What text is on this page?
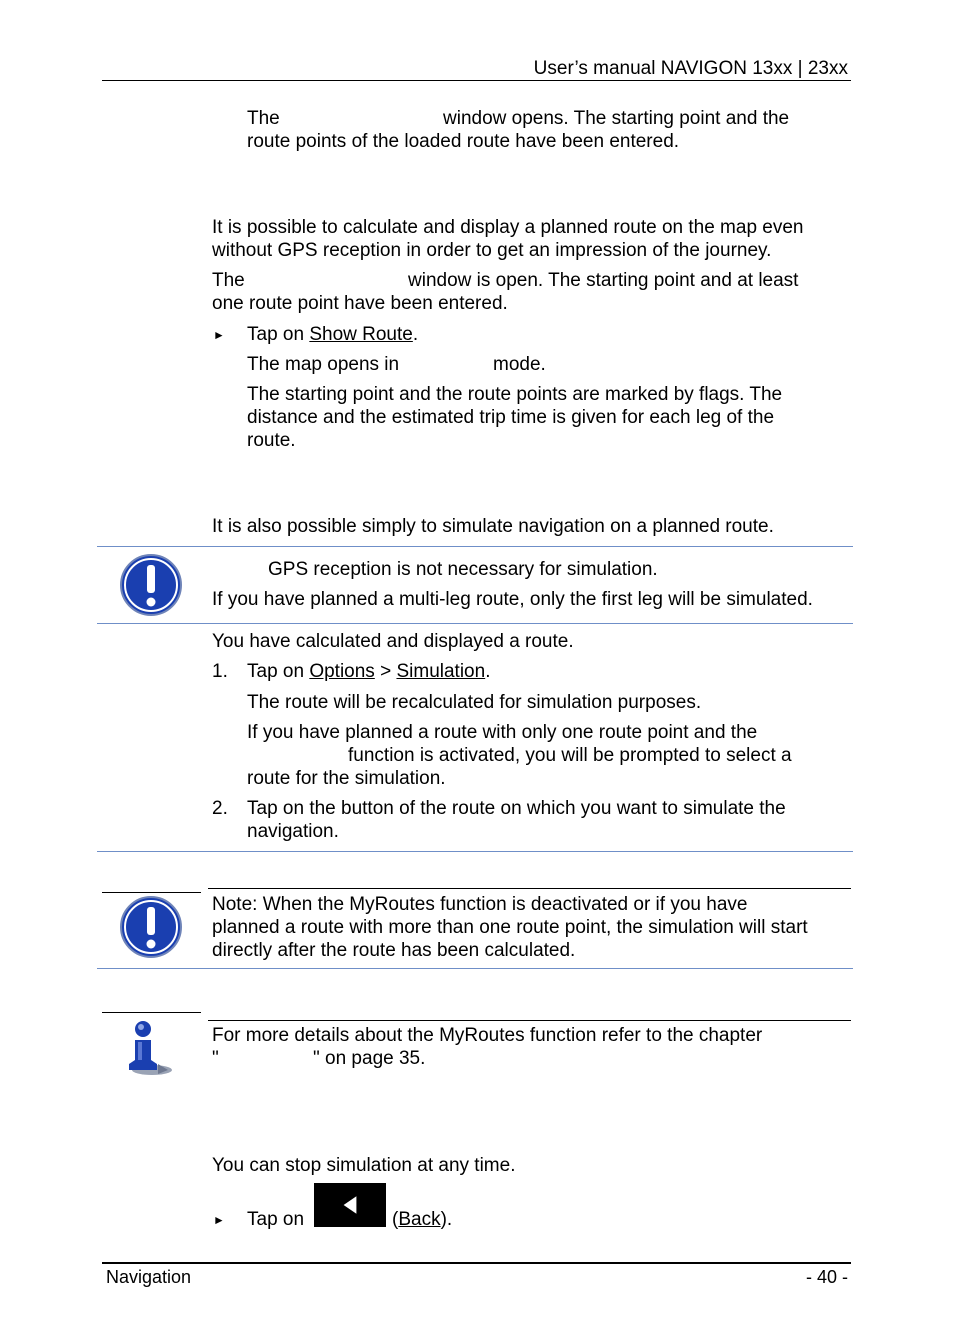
User’s manual NAVIGON 13xx | 23xx
The	window opens. The starting point and the
route points of the loaded route have been entered.
It is possible to calculate and display a planned route on the map even
without GPS reception in order to get an impression of the journey.
The	window is open. The starting point and at least
one route point have been entered.
► Tap on Show Route.
The map opens in	mode.
The starting point and the route points are marked by flags. The
distance and the estimated trip time is given for each leg of the
route.
It is also possible simply to simulate navigation on a planned route.
GPS reception is not necessary for simulation.
If you have planned a multi-leg route, only the first leg will be simulated.
You have calculated and displayed a route.
1. Tap on Options > Simulation.
The route will be recalculated for simulation purposes.
If you have planned a route with only one route point and the
function is activated, you will be prompted to select a
route for the simulation.
2. Tap on the button of the route on which you want to simulate the
navigation.
Note: When the MyRoutes function is deactivated or if you have
planned a route with more than one route point, the simulation will start
directly after the route has been calculated.
For more details about the MyRoutes function refer to the chapter
"	" on page 35.
You can stop simulation at any time.
► Tap on	(Back).
Navigation	- 40 -
